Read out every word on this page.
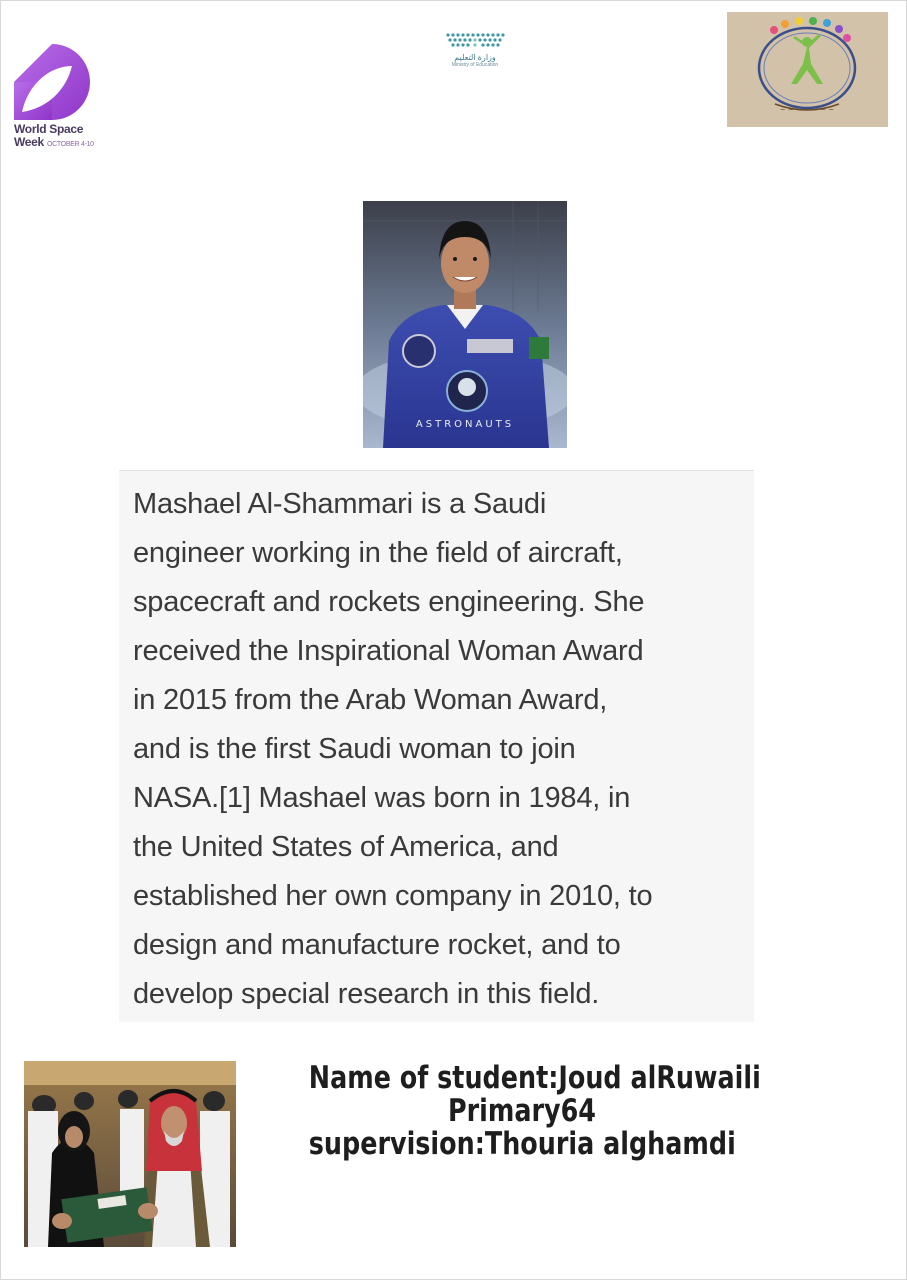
World Space
Week OCTOBER 4-10
وزارة التعليم
Ministry of Education
~ ~ ~ ~ ~ ~ ~
ASTRONAUTS

Mashael Al-Shammari is a Saudi
engineer working in the field of aircraft,
spacecraft and rockets engineering. She
received the Inspirational Woman Award
in 2015 from the Arab Woman Award,
and is the first Saudi woman to join
NASA.[1] Mashael was born in 1984, in
the United States of America, and
established her own company in 2010, to
design and manufacture rocket, and to
develop special research in this field.

Name of student:Joud alRuwaili
Primary64
supervision:Thouria alghamdi
